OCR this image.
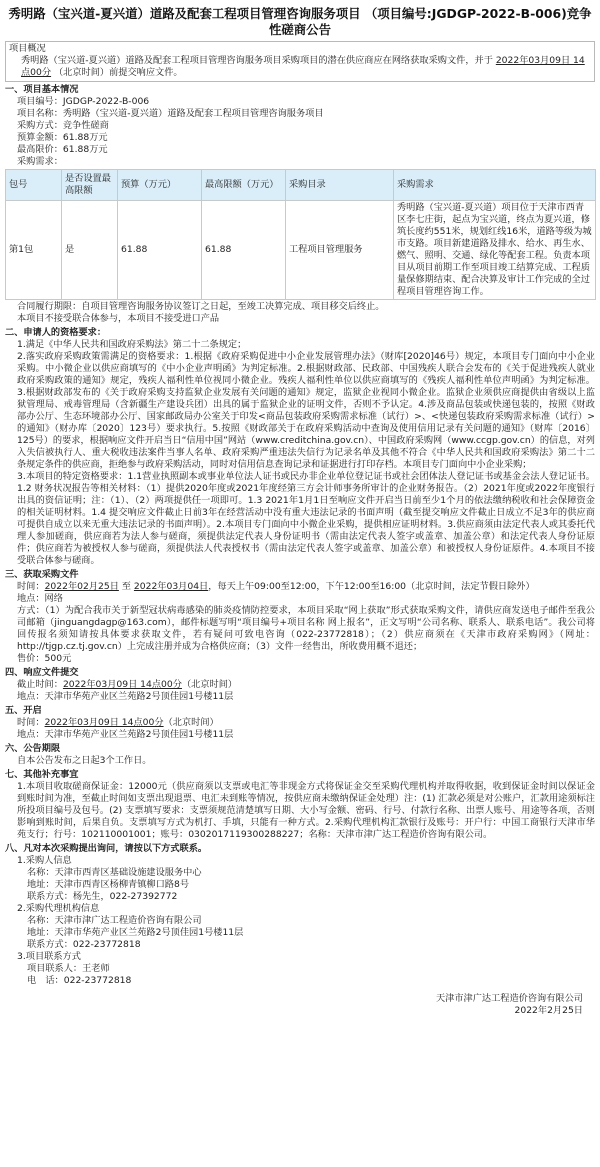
秀明路（宝兴道-夏兴道）道路及配套工程项目管理咨询服务项目 （项目编号:JGDGP-2022-B-006)竞争性磋商公告
项目概况
秀明路（宝兴道-夏兴道）道路及配套工程项目管理咨询服务项目采购项目的潜在供应商应在网络获取采购文件，并于 2022年03月09日 14点00分 （北京时间）前提交响应文件。
一、项目基本情况
项目编号：JGDGP-2022-B-006
项目名称：秀明路（宝兴道-夏兴道）道路及配套工程项目管理咨询服务项目
采购方式：竞争性磋商
预算金额：61.88万元
最高限价：61.88万元
采购需求：
包号	是否设置最高限额	预算（万元）	最高限额（万元）	采购目录	采购需求
第1包	是	61.88	61.88	工程项目管理服务	秀明路（宝兴道-夏兴道）项目位于天津市西青区李七庄街，起点为宝兴道，终点为夏兴道，修筑长度约551米，规划红线16米，道路等级为城市支路。项目新建道路及排水、给水、再生水、燃气、照明、交通、绿化等配套工程。负责本项目从项目前期工作至项目竣工结算完成、工程质量保修期结束、配合决算及审计工作完成的全过程项目管理咨询工作。
合同履行期限：自项目管理咨询服务协议签订之日起，至竣工决算完成、项目移交后终止。
本项目不接受联合体参与，本项目不接受进口产品
二、申请人的资格要求：
1.满足《中华人民共和国政府采购法》第二十二条规定；
2.落实政府采购政策需满足的资格要求：1.根据《政府采购促进中小企业发展管理办法》（财库[2020]46号）规定，本项目专门面向中小企业采购。中小微企业以供应商填写的《中小企业声明函》为判定标准。2.根据财政部、民政部、中国残疾人联合会发布的《关于促进残疾人就业政府采购政策的通知》规定，残疾人福利性单位视同小微企业。残疾人福利性单位以供应商填写的《残疾人福利性单位声明函》为判定标准。3.根据财政部发布的《关于政府采购支持监狱企业发展有关问题的通知》规定，监狱企业视同小微企业。监狱企业须供应商提供由省级以上监狱管理局、戒毒管理局（含新疆生产建设兵团）出具的属于监狱企业的证明文件，否则不予认定。4.涉及商品包装或快递包装的，按照《财政部办公厅、生态环境部办公厅、国家邮政局办公室关于印发<商品包装政府采购需求标准（试行）>、<快递包装政府采购需求标准（试行）>的通知》（财办库〔2020〕123号）要求执行。5.按照《财政部关于在政府采购活动中查询及使用信用记录有关问题的通知》（财库〔2016〕125号）的要求，根据响应文件开启当日“信用中国”网站（www.creditchina.gov.cn）、中国政府采购网（www.ccgp.gov.cn）的信息，对列入失信被执行人、重大税收违法案件当事人名单、政府采购严重违法失信行为记录名单及其他不符合《中华人民共和国政府采购法》第二十二条规定条件的供应商，拒绝参与政府采购活动，同时对信用信息查询记录和证据进行打印存档。本项目专门面向中小企业采购；
3.本项目的特定资格要求：1.1营业执照副本或事业单位法人证书或民办非企业单位登记证书或社会团体法人登记证书或基金会法人登记证书。1.2 财务状况报告等相关材料：（1）提供2020年度或2021年度经第三方会计师事务所审计的企业财务报告。（2）2021年度或2022年度银行出具的资信证明；注：（1）、（2）两项提供任一项即可。1.3 2021年1月1日至响应文件开启当日前至少1个月的依法缴纳税收和社会保障资金的相关证明材料。1.4 提交响应文件截止日前3年在经营活动中没有重大违法记录的书面声明（截至提交响应文件截止日成立不足3年的供应商可提供自成立以来无重大违法记录的书面声明）。2.本项目专门面向中小微企业采购，提供相应证明材料。3.供应商须由法定代表人或其委托代理人参加磋商，供应商若为法人参与磋商，须提供法定代表人身份证明书（需由法定代表人签字或盖章、加盖公章）和法定代表人身份证原件；供应商若为被授权人参与磋商，须提供法人代表授权书（需由法定代表人签字或盖章、加盖公章）和被授权人身份证原件。4.本项目不接受联合体参与磋商。
三、获取采购文件
时间：2022年02月25日 至 2022年03月04日，每天上午09:00至12:00，下午12:00至16:00（北京时间，法定节假日除外）
地点：网络
方式：（1）为配合我市关于新型冠状病毒感染的肺炎疫情防控要求，本项目采取“网上获取”形式获取采购文件，请供应商发送电子邮件至我公司邮箱（jinguangdagp@163.com），邮件标题写明“项目编号+项目名称 网上报名”，正文写明“公司名称、联系人、联系电话”。我公司将回传报名须知请按具体要求获取文件，若有疑问可致电咨询（022-23772818）；（2）供应商须在《天津市政府采购网》（网址：http://tjgp.cz.tj.gov.cn）上完成注册并成为合格供应商；（3）文件一经售出，所收费用概不退还；
售价：500元
四、响应文件提交
截止时间：2022年03月09日 14点00分（北京时间）
地点：天津市华苑产业区兰苑路2号顶佳园1号楼11层
五、开启
时间：2022年03月09日 14点00分（北京时间）
地点：天津市华苑产业区兰苑路2号顶佳园1号楼11层
六、公告期限
自本公告发布之日起3个工作日。
七、其他补充事宜
1.本项目收取磋商保证金：12000元（供应商须以支票或电汇等非现金方式将保证金交至采购代理机构并取得收据，收到保证金时间以保证金到账时间为准，至截止时间如支票出现退票、电汇未到账等情况，按供应商未缴纳保证金处理）注：(1) 汇款必须是对公账户，汇款用途须标注所投项目编号及包号。(2) 支票填写要求：支票须规范清楚填写日期、大小写金额、密码、行号、付款行名称、出票人账号、用途等各项，否则影响到账时间，后果自负。支票填写方式为机打、手填，只能有一种方式。2.采购代理机构汇款银行及账号：开户行：中国工商银行天津市华苑支行；行号：102110001001；账号：0302017119300288227；名称：天津市津广达工程造价咨询有限公司。
八、凡对本次采购提出询问，请按以下方式联系。
1.采购人信息
名称：天津市西青区基础设施建设服务中心
地址：天津市西青区杨柳青镇柳口路8号
联系方式：杨先生，022-27392772
2.采购代理机构信息
名称：天津市津广达工程造价咨询有限公司
地址：天津市华苑产业区兰苑路2号顶佳园1号楼11层
联系方式：022-23772818
3.项目联系方式
项目联系人：王老师
电　话：022-23772818
天津市津广达工程造价咨询有限公司
2022年2月25日
